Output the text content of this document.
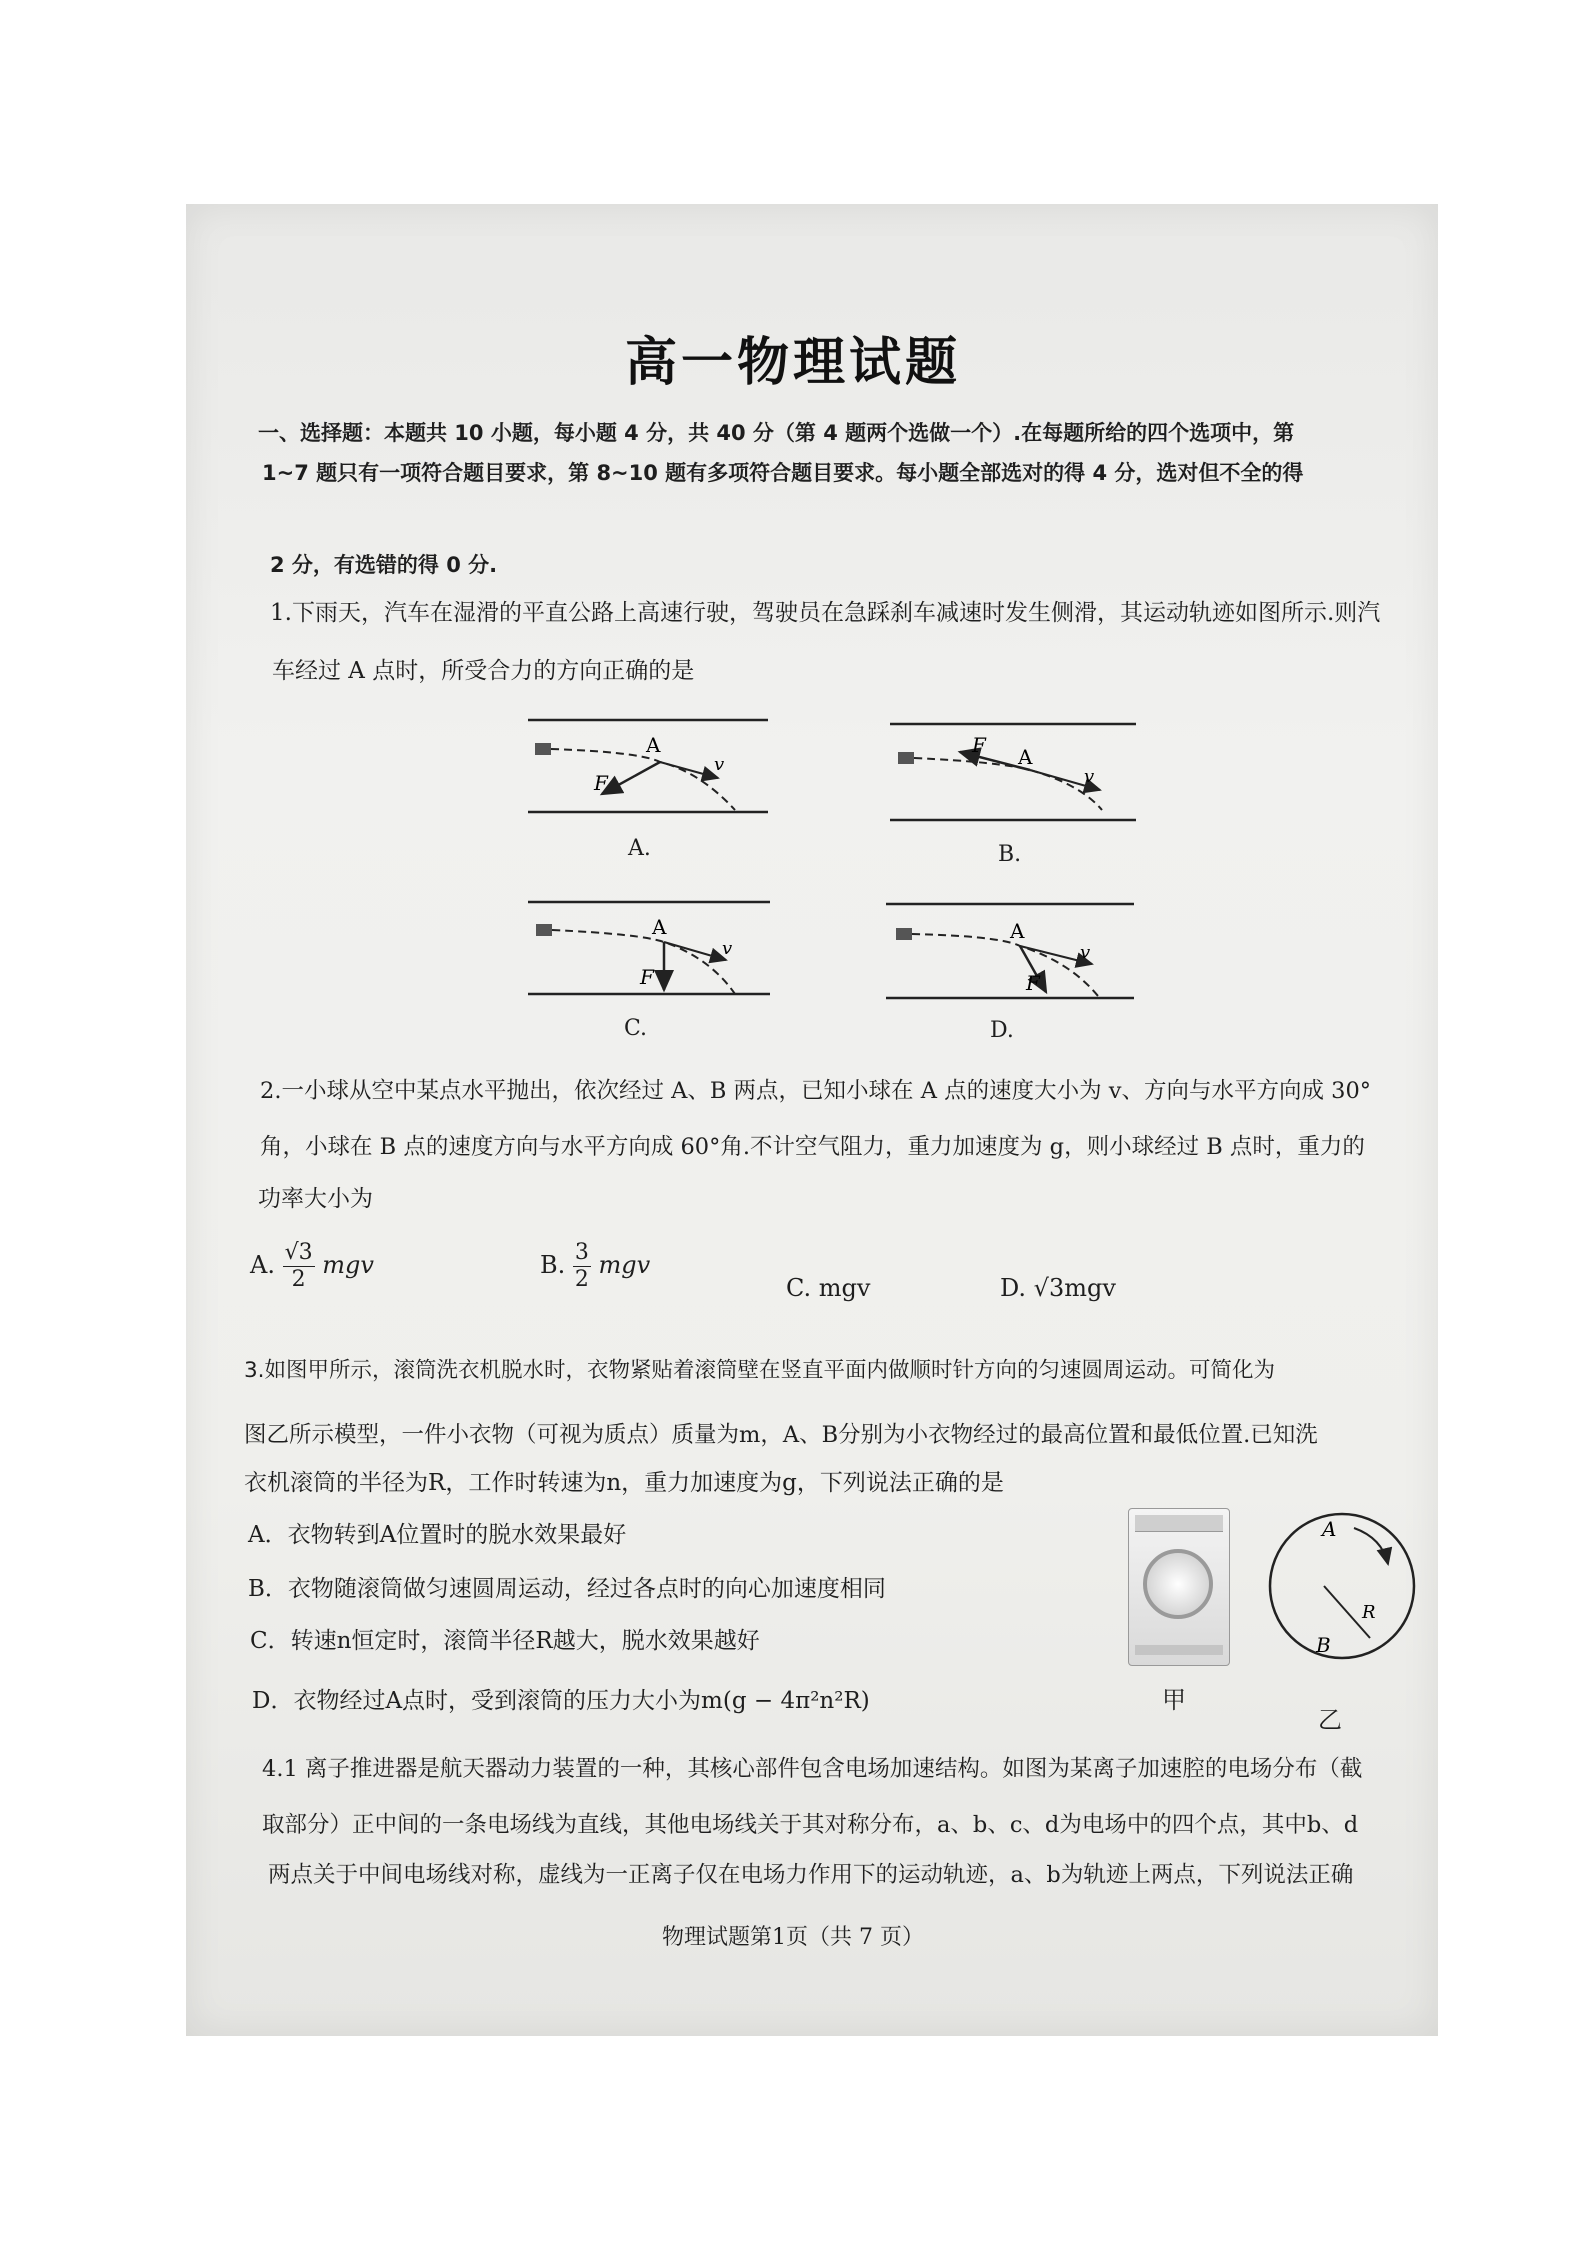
高一物理试题
一、选择题：本题共 10 小题，每小题 4 分，共 40 分（第 4 题两个选做一个）.在每题所给的四个选项中，第
1~7 题只有一项符合题目要求，第 8~10 题有多项符合题目要求。每小题全部选对的得 4 分，选对但不全的得
2 分，有选错的得 0 分.
1.下雨天，汽车在湿滑的平直公路上高速行驶，驾驶员在急踩刹车减速时发生侧滑，其运动轨迹如图所示.则汽
车经过 A 点时，所受合力的方向正确的是
A
F
v	A
F
v
A
F
v
A
F
v
A.	B.
C.	D.
2.一小球从空中某点水平抛出，依次经过 A、B 两点，已知小球在 A 点的速度大小为 v、方向与水平方向成 30°
角，小球在 B 点的速度方向与水平方向成 60°角.不计空气阻力，重力加速度为 g，则小球经过 B 点时，重力的
功率大小为
A. $\frac{√3}{2}$ mgv	B. $\frac{3}{2}$ mgv
C. mgv	D. √3mgv
3.如图甲所示，滚筒洗衣机脱水时，衣物紧贴着滚筒壁在竖直平面内做顺时针方向的匀速圆周运动。可简化为
图乙所示模型，一件小衣物（可视为质点）质量为m，A、B分别为小衣物经过的最高位置和最低位置.已知洗
衣机滚筒的半径为R，工作时转速为n，重力加速度为g，下列说法正确的是
A．衣物转到A位置时的脱水效果最好
B．衣物随滚筒做匀速圆周运动，经过各点时的向心加速度相同
C．转速n恒定时，滚筒半径R越大，脱水效果越好
D．衣物经过A点时，受到滚筒的压力大小为m(g − 4π²n²R)	甲
A
B
R
乙
4.1 离子推进器是航天器动力装置的一种，其核心部件包含电场加速结构。如图为某离子加速腔的电场分布（截
取部分）正中间的一条电场线为直线，其他电场线关于其对称分布，a、b、c、d为电场中的四个点，其中b、d
两点关于中间电场线对称，虚线为一正离子仅在电场力作用下的运动轨迹，a、b为轨迹上两点，下列说法正确
物理试题第1页（共 7 页）
